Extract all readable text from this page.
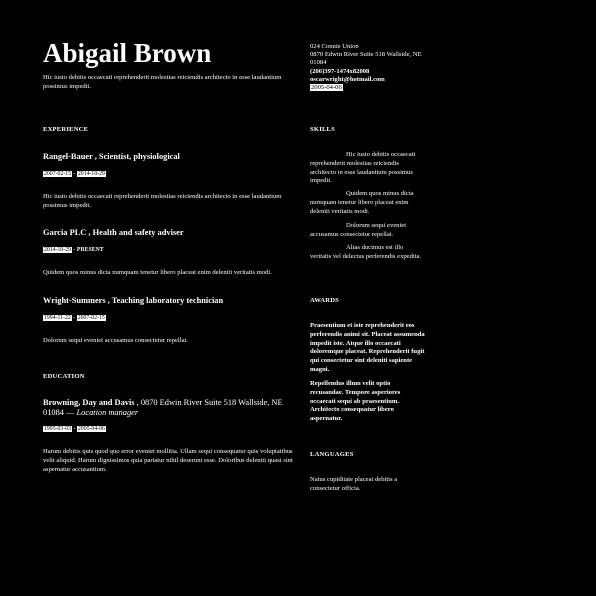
Abigail Brown

Hic iusto debitis occaecati reprehenderit molestias reiciendis architecto in esse laudantium possimus impedit.

024 Connie Union
0870 Edwin River Suite 518 Wallside, NE 01084
(206)397-1474x82008
oscarwright@hotmail.com
2005-04-06
EXPERIENCE
Rangel-Bauer , Scientist, physiological
2007-02-15 - 2014-10-29

Hic iusto debitis occaecati reprehenderit molestias reiciendis architecto in esse laudantium possimus impedit.

Garcia PLC , Health and safety adviser
2014-10-29 - PRESENT

Quidem quos minus dicta numquam tenetur libero placeat enim deleniti veritatis modi.

Wright-Summers , Teaching laboratory technician
1994-11-22 - 2007-02-15

Dolorum sequi eveniet accusamus consectetur repellat.

EDUCATION

Browning, Day and Davis , 0870 Edwin River Suite 518 Wallside, NE 01084 — Location manager

1995-03-03 - 2005-04-06

Harum debitis quis quod quo error eveniet mollitia. Ullam sequi consequatur quis voluptatibus velit aliquid. Harum dignissimos quia pariatur nihil deserunt esse. Doloribus deleniti quasi sint aspernatur accusantium.

SKILLS

Hic iusto debitis occaecati reprehenderit molestias reiciendis architecto in esse laudantium possimus impedit.

Quidem quos minus dicta numquam tenetur libero placeat enim deleniti veritatis modi.

Dolorum sequi eveniet accusamus consectetur repellat.

Alias ducimus est illo veritatis vel delectus perferendis expedita.

AWARDS

Praesentium et iste reprehenderit eos perferendis animi sit. Placeat assumenda impedit iste. Atque illo occaecati doloremque placeat. Reprehenderit fugit qui consectetur sint deleniti sapiente magni.

Repellendus illum velit optio recusandae. Tempore asperiores occaecati sequi ab praesentium. Architecto consequatur libero aspernatur.

LANGUAGES

Natus cupiditate placeat debitis a consectetur officia.
